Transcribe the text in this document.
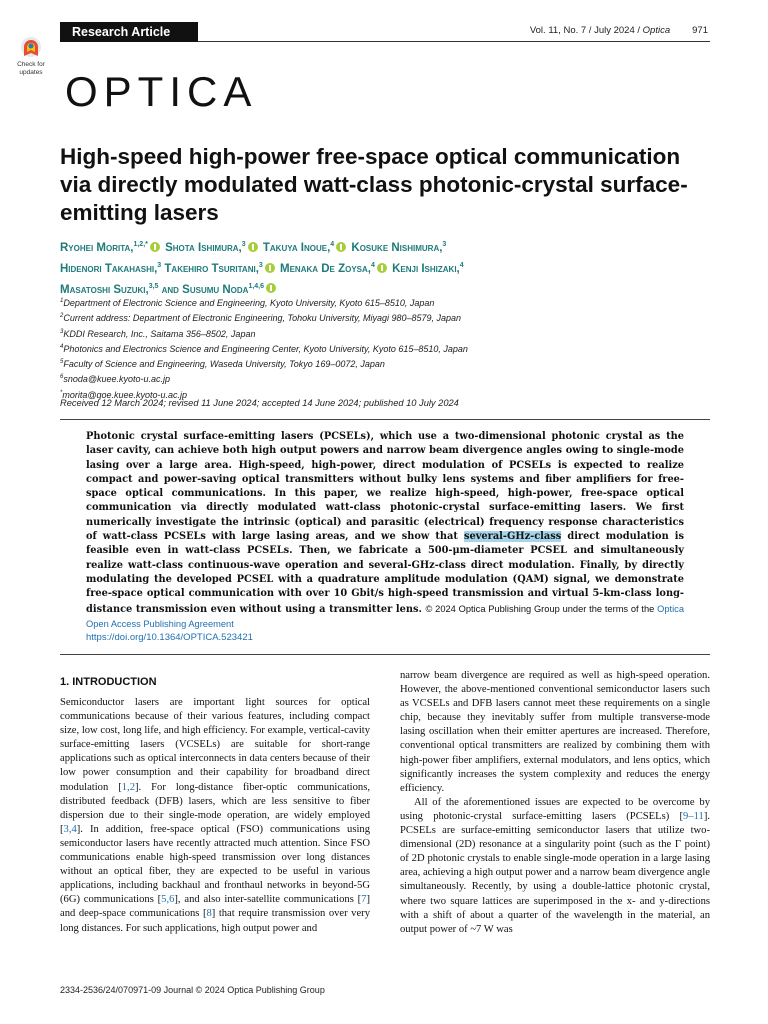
Research Article	Vol. 11, No. 7 / July 2024 / Optica 971
Check for updates OPTICA
High-speed high-power free-space optical communication via directly modulated watt-class photonic-crystal surface-emitting lasers
Ryohei Morita,$^{1,2,*}$ Shota Ishimura,$^3$ Takuya Inoue,$^4$ Kosuke Nishimura,$^3$
Hidenori Takahashi,$^3$ Takehiro Tsuritani,$^3$ Menaka De Zoysa,$^4$ Kenji Ishizaki,$^4$
Masatoshi Suzuki,$^{3,5}$ and Susumu Noda$^{1,4,6}$
$^1$Department of Electronic Science and Engineering, Kyoto University, Kyoto 615–8510, Japan
$^2$Current address: Department of Electronic Engineering, Tohoku University, Miyagi 980–8579, Japan
$^3$KDDI Research, Inc., Saitama 356–8502, Japan
$^4$Photonics and Electronics Science and Engineering Center, Kyoto University, Kyoto 615–8510, Japan
$^5$Faculty of Science and Engineering, Waseda University, Tokyo 169–0072, Japan
$^6$snoda@kuee.kyoto-u.ac.jp
*morita@qoe.kuee.kyoto-u.ac.jp
Received 12 March 2024; revised 11 June 2024; accepted 14 June 2024; published 10 July 2024
Photonic crystal surface-emitting lasers (PCSELs), which use a two-dimensional photonic crystal as the laser cavity, can achieve both high output powers and narrow beam divergence angles owing to single-mode lasing over a large area. High-speed, high-power, direct modulation of PCSELs is expected to realize compact and power-saving optical transmitters without bulky lens systems and fiber amplifiers for free-space optical communications. In this paper, we realize high-speed, high-power, free-space optical communication via directly modulated watt-class photonic-crystal surface-emitting lasers. We first numerically investigate the intrinsic (optical) and parasitic (electrical) frequency response characteristics of watt-class PCSELs with large lasing areas, and we show that several-GHz-class direct modulation is feasible even in watt-class PCSELs. Then, we fabricate a 500-μm-diameter PCSEL and simultaneously realize watt-class continuous-wave operation and several-GHz-class direct modulation. Finally, by directly modulating the developed PCSEL with a quadrature amplitude modulation (QAM) signal, we demonstrate free-space optical communication with over 10 Gbit/s high-speed transmission and virtual 5-km-class long-distance transmission even without using a transmitter lens. © 2024 Optica Publishing Group under the terms of the Optica Open Access Publishing Agreement
https://doi.org/10.1364/OPTICA.523421
1. INTRODUCTION

Semiconductor lasers are important light sources for optical communications because of their various features, including compact size, low cost, long life, and high efficiency. For example, vertical-cavity surface-emitting lasers (VCSELs) are suitable for short-range applications such as optical interconnects in data centers because of their low power consumption and their capability for broadband direct modulation [1,2]. For long-distance fiber-optic communications, distributed feedback (DFB) lasers, which are less sensitive to fiber dispersion due to their single-mode operation, are widely employed [3,4]. In addition, free-space optical (FSO) communications using semiconductor lasers have recently attracted much attention. Since FSO communications enable high-speed transmission over long distances without an optical fiber, they are expected to be useful in various applications, including backhaul and fronthaul networks in beyond-5G (6G) communications [5,6], and also inter-satellite communications [7] and deep-space communications [8] that require transmission over very long distances. For such applications, high output power and

narrow beam divergence are required as well as high-speed operation. However, the above-mentioned conventional semiconductor lasers such as VCSELs and DFB lasers cannot meet these requirements on a single chip, because they inevitably suffer from multiple transverse-mode lasing oscillation when their emitter apertures are increased. Therefore, conventional optical transmitters are realized by combining them with high-power fiber amplifiers, external modulators, and lens optics, which significantly increases the system complexity and reduces the energy efficiency.

All of the aforementioned issues are expected to be overcome by using photonic-crystal surface-emitting lasers (PCSELs) [9–11]. PCSELs are surface-emitting semiconductor lasers that utilize two-dimensional (2D) resonance at a singularity point (such as the Γ point) of 2D photonic crystals to enable single-mode operation in a large lasing area, achieving a high output power and a narrow beam divergence angle simultaneously. Recently, by using a double-lattice photonic crystal, where two square lattices are superimposed in the x- and y-directions with a shift of about a quarter of the wavelength in the material, an output power of ~7 W was

2334-2536/24/070971-09 Journal © 2024 Optica Publishing Group
